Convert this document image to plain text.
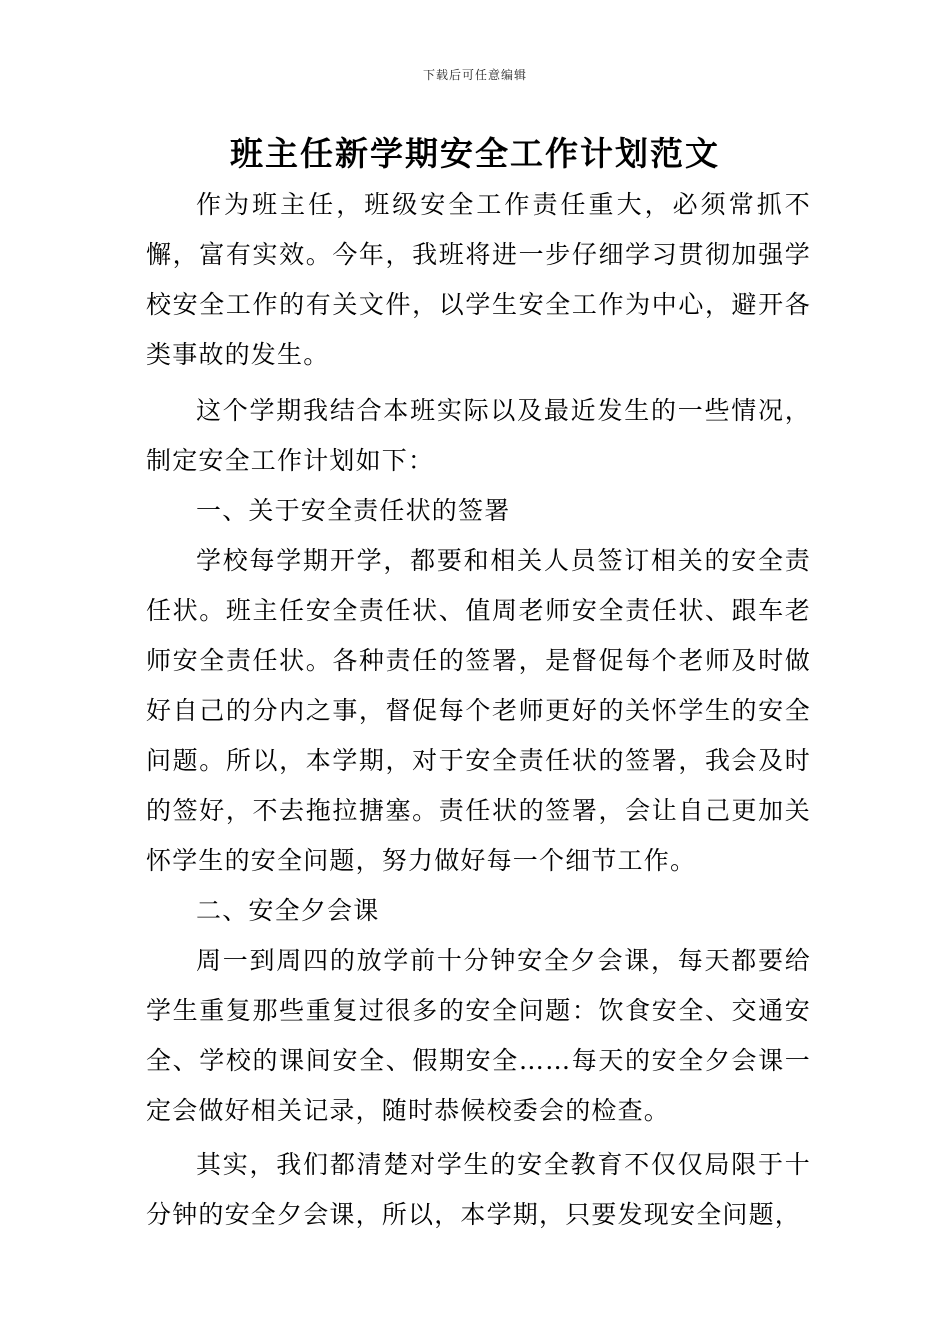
下载后可任意编辑
班主任新学期安全工作计划范文

作为班主任，班级安全工作责任重大，必须常抓不懈，富有实效。今年，我班将进一步仔细学习贯彻加强学校安全工作的有关文件，以学生安全工作为中心，避开各类事故的发生。

这个学期我结合本班实际以及最近发生的一些情况，制定安全工作计划如下：

一、关于安全责任状的签署

学校每学期开学，都要和相关人员签订相关的安全责任状。班主任安全责任状、值周老师安全责任状、跟车老师安全责任状。各种责任的签署，是督促每个老师及时做好自己的分内之事，督促每个老师更好的关怀学生的安全问题。所以，本学期，对于安全责任状的签署，我会及时的签好，不去拖拉搪塞。责任状的签署，会让自己更加关怀学生的安全问题，努力做好每一个细节工作。

二、安全夕会课

周一到周四的放学前十分钟安全夕会课，每天都要给学生重复那些重复过很多的安全问题：饮食安全、交通安全、学校的课间安全、假期安全……每天的安全夕会课一定会做好相关记录，随时恭候校委会的检查。

其实，我们都清楚对学生的安全教育不仅仅局限于十分钟的安全夕会课，所以，本学期，只要发现安全问题，
